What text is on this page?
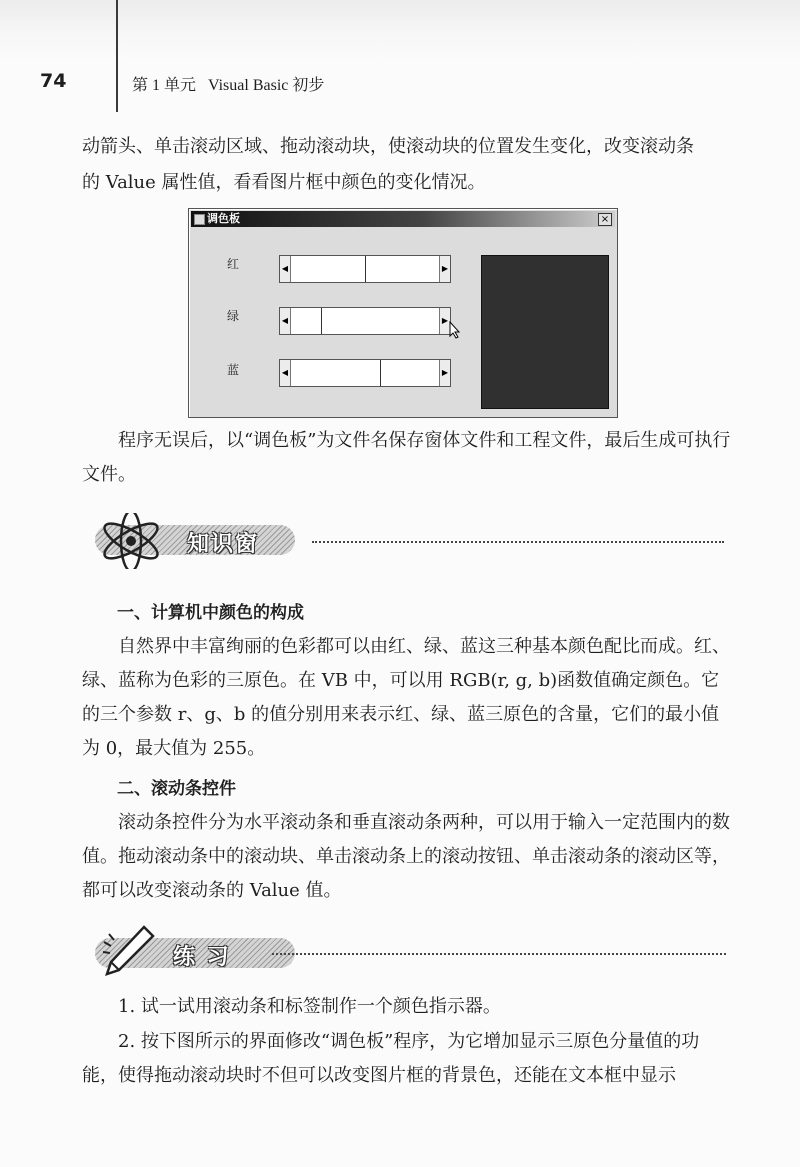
74	第 1 单元   Visual Basic 初步

动箭头、单击滚动区域、拖动滚动块，使滚动块的位置发生变化，改变滚动条

的 Value 属性值，看看图片框中颜色的变化情况。

调色板	×
红	◀	▶
绿	◀	▶
蓝	◀	▶

程序无误后，以“调色板”为文件名保存窗体文件和工程文件，最后生成可执行文件。

知识窗
一、计算机中颜色的构成

自然界中丰富绚丽的色彩都可以由红、绿、蓝这三种基本颜色配比而成。红、绿、蓝称为色彩的三原色。在 VB 中，可以用 RGB(r, g, b)函数值确定颜色。它的三个参数 r、g、b 的值分别用来表示红、绿、蓝三原色的含量，它们的最小值为 0，最大值为 255。

二、滚动条控件

滚动条控件分为水平滚动条和垂直滚动条两种，可以用于输入一定范围内的数值。拖动滚动条中的滚动块、单击滚动条上的滚动按钮、单击滚动条的滚动区等，都可以改变滚动条的 Value 值。

练 习

1. 试一试用滚动条和标签制作一个颜色指示器。

2. 按下图所示的界面修改“调色板”程序，为它增加显示三原色分量值的功能，使得拖动滚动块时不但可以改变图片框的背景色，还能在文本框中显示
